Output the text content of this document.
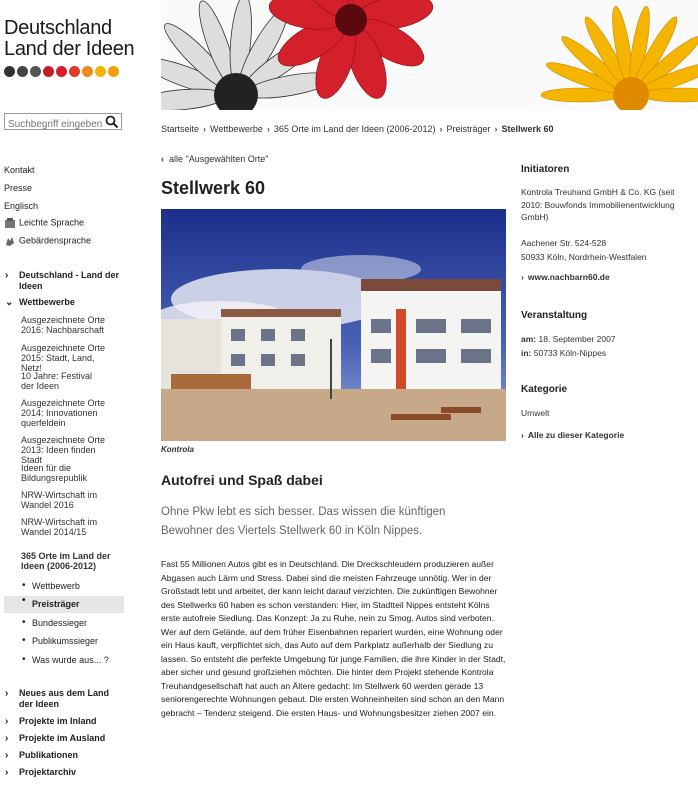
Deutschland
Land der Ideen
Suchbegriff eingeben
Kontakt
Presse
Englisch
Leichte Sprache
Gebärdensprache
› Deutschland - Land der Ideen
⌄ Wettbewerbe
Ausgezeichnete Orte 2016: Nachbarschaft
Ausgezeichnete Orte 2015: Stadt, Land, Netz!
10 Jahre: Festival der Ideen
Ausgezeichnete Orte 2014: Innovationen querfeldein
Ausgezeichnete Orte 2013: Ideen finden Stadt
Ideen für die Bildungsrepublik
NRW-Wirtschaft im Wandel 2016
NRW-Wirtschaft im Wandel 2014/15
365 Orte im Land der Ideen (2006-2012)
• Wettbewerb
• Preisträger
• Bundessieger
• Publikumssieger
• Was wurde aus... ?
› Neues aus dem Land der Ideen
› Projekte im Inland
› Projekte im Ausland
› Publikationen
› Projektarchiv
Startseite › Wettbewerbe › 365 Orte im Land der Ideen (2006-2012) › Preisträger › Stellwerk 60
‹ alle "Ausgewählten Orte"
Stellwerk 60
Kontrola
Autofrei und Spaß dabei

Ohne Pkw lebt es sich besser. Das wissen die künftigen Bewohner des Viertels Stellwerk 60 in Köln Nippes.

Fast 55 Millionen Autos gibt es in Deutschland. Die Dreckschleudern produzieren außer Abgasen auch Lärm und Stress. Dabei sind die meisten Fahrzeuge unnötig. Wer in der Großstadt lebt und arbeitet, der kann leicht darauf verzichten. Die zukünftigen Bewohner des Stellwerks 60 haben es schon verstanden: Hier, im Stadtteil Nippes entsteht Kölns erste autofreie Siedlung. Das Konzept: Ja zu Ruhe, nein zu Smog. Autos sind verboten. Wer auf dem Gelände, auf dem früher Eisenbahnen repariert wurden, eine Wohnung oder ein Haus kauft, verpflichtet sich, das Auto auf dem Parkplatz außerhalb der Siedlung zu lassen. So entsteht die perfekte Umgebung für junge Familien, die ihre Kinder in der Stadt, aber sicher und gesund großziehen möchten. Die hinter dem Projekt stehende Kontrola Treuhandgesellschaft hat auch an Ältere gedacht: Im Stellwerk 60 werden gerade 13 seniorengerechte Wohnungen gebaut. Die ersten Wohneinheiten sind schon an den Mann gebracht – Tendenz steigend. Die ersten Haus- und Wohnungsbesitzer ziehen 2007 ein.

Initiatoren
Kontrola Treuhand GmbH & Co. KG (seit 2010: Bouwfonds Immobilienentwicklung GmbH)
Aachener Str. 524-528
50933 Köln, Nordrhein-Westfalen
› www.nachbarn60.de
Veranstaltung
am: 18. September 2007
in: 50733 Köln-Nippes
Kategorie
Umwelt
› Alle zu dieser Kategorie
